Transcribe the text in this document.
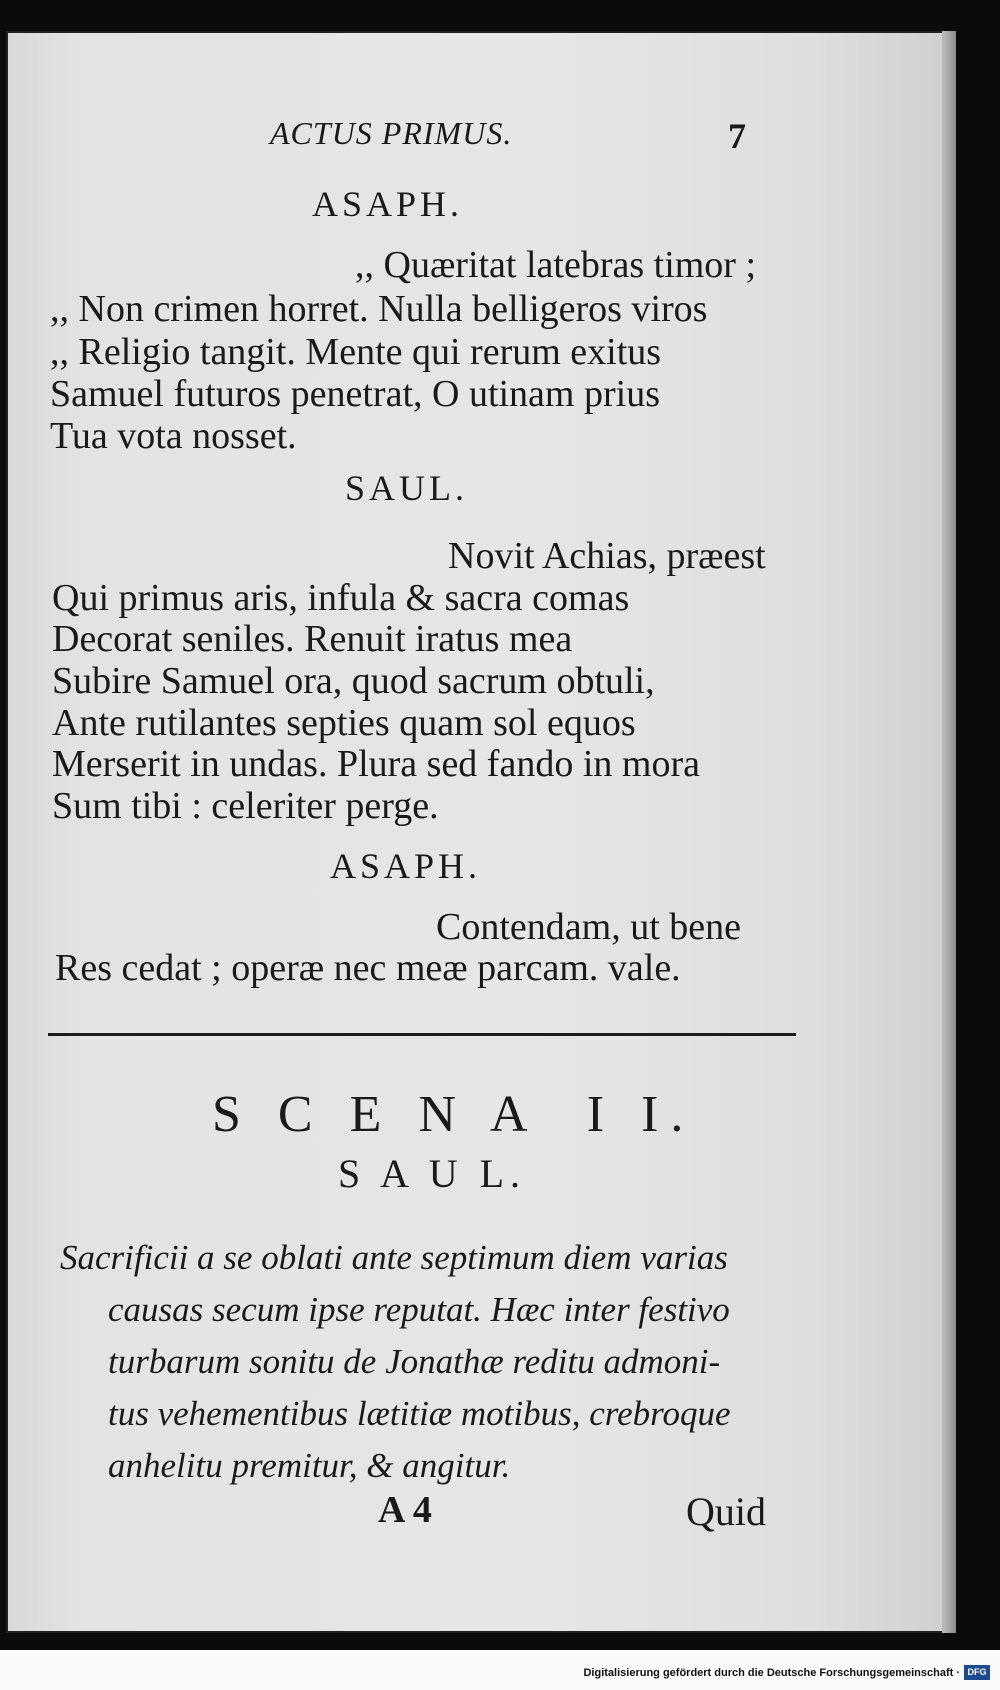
ACTUS PRIMUS.	7
ASAPH.
,, Quæritat latebras timor ;
,, Non crimen horret. Nulla belligeros viros
,, Religio tangit. Mente qui rerum exitus
Samuel futuros penetrat, O utinam prius
Tua vota nosset.
SAUL.
Novit Achias, præest
Qui primus aris, infula & sacra comas
Decorat seniles. Renuit iratus mea
Subire Samuel ora, quod sacrum obtuli,
Ante rutilantes septies quam sol equos
Merserit in undas. Plura sed fando in mora
Sum tibi : celeriter perge.
ASAPH.
Contendam, ut bene
Res cedat ; operæ nec meæ parcam. vale.
S C E N A  I I.
S A U L.
Sacrificii a se oblati ante septimum diem varias
causas secum ipse reputat. Hæc inter festivo
turbarum sonitu de Jonathæ reditu admoni-
tus vehementibus lætitiæ motibus, crebroque
anhelitu premitur, & angitur.
A 4	Quid
Digitalisierung gefördert durch die Deutsche Forschungsgemeinschaft · DFG
